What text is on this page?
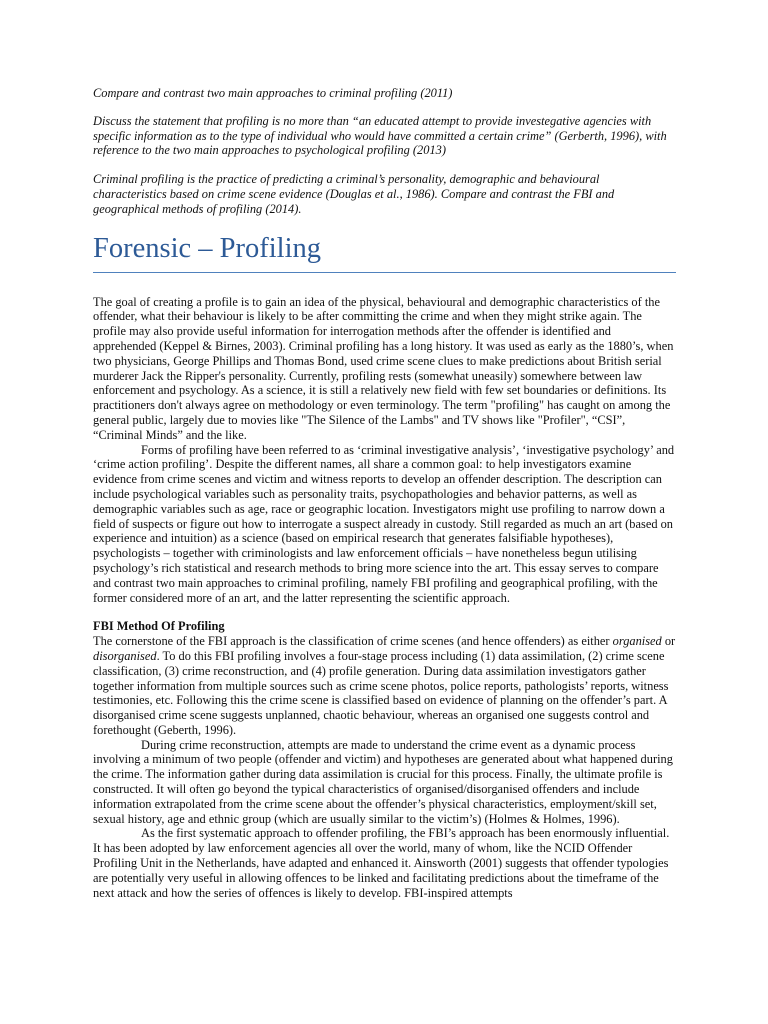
Compare and contrast two main approaches to criminal profiling (2011)

Discuss the statement that profiling is no more than “an educated attempt to provide investegative agencies with specific information as to the type of individual who would have committed a certain crime” (Gerberth, 1996), with reference to the two main approaches to psychological profiling (2013)

Criminal profiling is the practice of predicting a criminal’s personality, demographic and behavioural characteristics based on crime scene evidence (Douglas et al., 1986). Compare and contrast the FBI and geographical methods of profiling (2014).

Forensic – Profiling

The goal of creating a profile is to gain an idea of the physical, behavioural and demographic characteristics of the offender, what their behaviour is likely to be after committing the crime and when they might strike again. The profile may also provide useful information for interrogation methods after the offender is identified and apprehended (Keppel & Birnes, 2003). Criminal profiling has a long history. It was used as early as the 1880’s, when two physicians, George Phillips and Thomas Bond, used crime scene clues to make predictions about British serial murderer Jack the Ripper's personality. Currently, profiling rests (somewhat uneasily) somewhere between law enforcement and psychology. As a science, it is still a relatively new field with few set boundaries or definitions. Its practitioners don't always agree on methodology or even terminology. The term "profiling" has caught on among the general public, largely due to movies like "The Silence of the Lambs" and TV shows like "Profiler", “CSI”, “Criminal Minds” and the like.

Forms of profiling have been referred to as ‘criminal investigative analysis’, ‘investigative psychology’ and ‘crime action profiling’. Despite the different names, all share a common goal: to help investigators examine evidence from crime scenes and victim and witness reports to develop an offender description. The description can include psychological variables such as personality traits, psychopathologies and behavior patterns, as well as demographic variables such as age, race or geographic location. Investigators might use profiling to narrow down a field of suspects or figure out how to interrogate a suspect already in custody. Still regarded as much an art (based on experience and intuition) as a science (based on empirical research that generates falsifiable hypotheses), psychologists – together with criminologists and law enforcement officials – have nonetheless begun utilising psychology’s rich statistical and research methods to bring more science into the art. This essay serves to compare and contrast two main approaches to criminal profiling, namely FBI profiling and geographical profiling, with the former considered more of an art, and the latter representing the scientific approach.

FBI Method Of Profiling

The cornerstone of the FBI approach is the classification of crime scenes (and hence offenders) as either organised or disorganised. To do this FBI profiling involves a four-stage process including (1) data assimilation, (2) crime scene classification, (3) crime reconstruction, and (4) profile generation. During data assimilation investigators gather together information from multiple sources such as crime scene photos, police reports, pathologists’ reports, witness testimonies, etc. Following this the crime scene is classified based on evidence of planning on the offender’s part. A disorganised crime scene suggests unplanned, chaotic behaviour, whereas an organised one suggests control and forethought (Geberth, 1996).

During crime reconstruction, attempts are made to understand the crime event as a dynamic process involving a minimum of two people (offender and victim) and hypotheses are generated about what happened during the crime. The information gather during data assimilation is crucial for this process. Finally, the ultimate profile is constructed. It will often go beyond the typical characteristics of organised/disorganised offenders and include information extrapolated from the crime scene about the offender’s physical characteristics, employment/skill set, sexual history, age and ethnic group (which are usually similar to the victim’s) (Holmes & Holmes, 1996).

As the first systematic approach to offender profiling, the FBI’s approach has been enormously influential. It has been adopted by law enforcement agencies all over the world, many of whom, like the NCID Offender Profiling Unit in the Netherlands, have adapted and enhanced it. Ainsworth (2001) suggests that offender typologies are potentially very useful in allowing offences to be linked and facilitating predictions about the timeframe of the next attack and how the series of offences is likely to develop. FBI-inspired attempts
